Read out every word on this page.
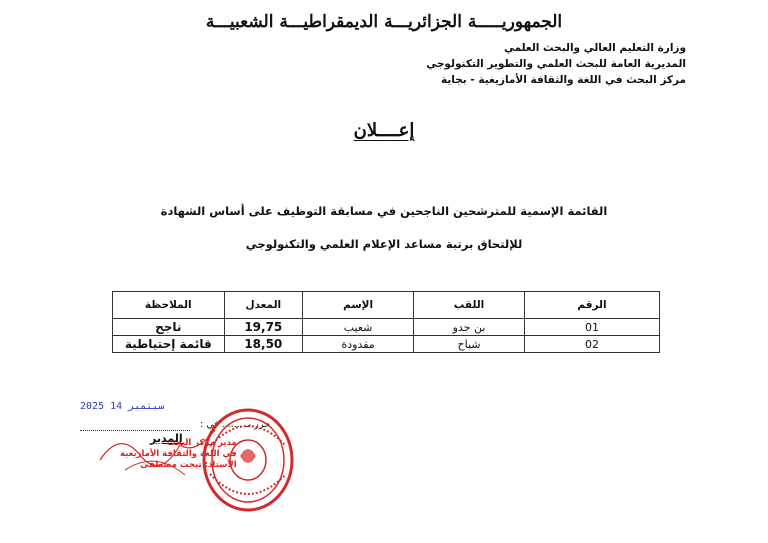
الجمهوريـــــة الجزائريـــة الديمقراطيـــة الشعبيـــة
وزارة التعليم العالي والبحث العلمي
المديرية العامة للبحث العلمي والتطوير التكنولوجي
مركز البحث في اللغة والثقافة الأمازيغية - بجاية
إعــــلان
القائمة الإسمية للمترشحين الناجحين في مسابقة التوظيف على أساس الشهادة
للإلتحاق برتبة مساعد الإعلام العلمي والتكنولوجي
الرقم	اللقب	الإسم	المعدل	الملاحظة
01	بن جدو	شعيب	19,75	ناجح
02	شباح	مقدودة	18,50	قائمة إحتياطية
2025 سبتمبر 14
حرر بـ ....... في :
المدير
مدير مركز البحث
في اللغة والثقافة الأمازيغية
الأستاذ: تيجت مصطفى
